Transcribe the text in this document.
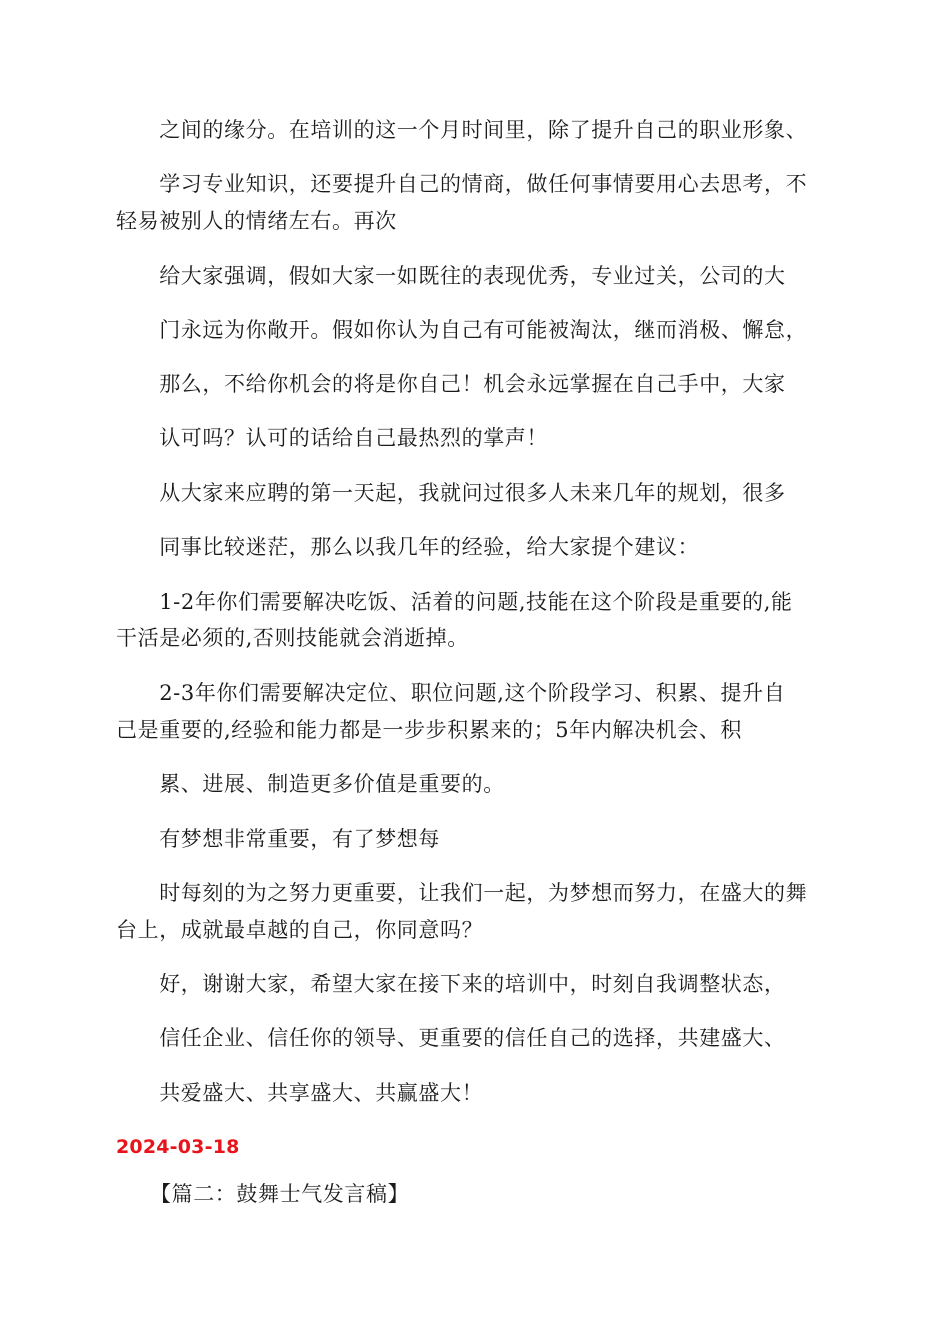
　　之间的缘分。在培训的这一个月时间里，除了提升自己的职业形象、
　　学习专业知识，还要提升自己的情商，做任何事情要用心去思考，不
轻易被别人的情绪左右。再次
　　给大家强调，假如大家一如既往的表现优秀，专业过关，公司的大
　　门永远为你敞开。假如你认为自己有可能被淘汰，继而消极、懈怠，
　　那么，不给你机会的将是你自己！机会永远掌握在自己手中，大家
　　认可吗？认可的话给自己最热烈的掌声！
　　从大家来应聘的第一天起，我就问过很多人未来几年的规划，很多
　　同事比较迷茫，那么以我几年的经验，给大家提个建议：
　　1-2年你们需要解决吃饭、活着的问题,技能在这个阶段是重要的,能
干活是必须的,否则技能就会消逝掉。
　　2-3年你们需要解决定位、职位问题,这个阶段学习、积累、提升自
己是重要的,经验和能力都是一步步积累来的；5年内解决机会、积
　　累、进展、制造更多价值是重要的。
　　有梦想非常重要，有了梦想每
　　时每刻的为之努力更重要，让我们一起，为梦想而努力，在盛大的舞
台上，成就最卓越的自己，你同意吗？
　　好，谢谢大家，希望大家在接下来的培训中，时刻自我调整状态，
　　信任企业、信任你的领导、更重要的信任自己的选择，共建盛大、
　　共爱盛大、共享盛大、共赢盛大！
2024-03-18
【篇二：鼓舞士气发言稿】
